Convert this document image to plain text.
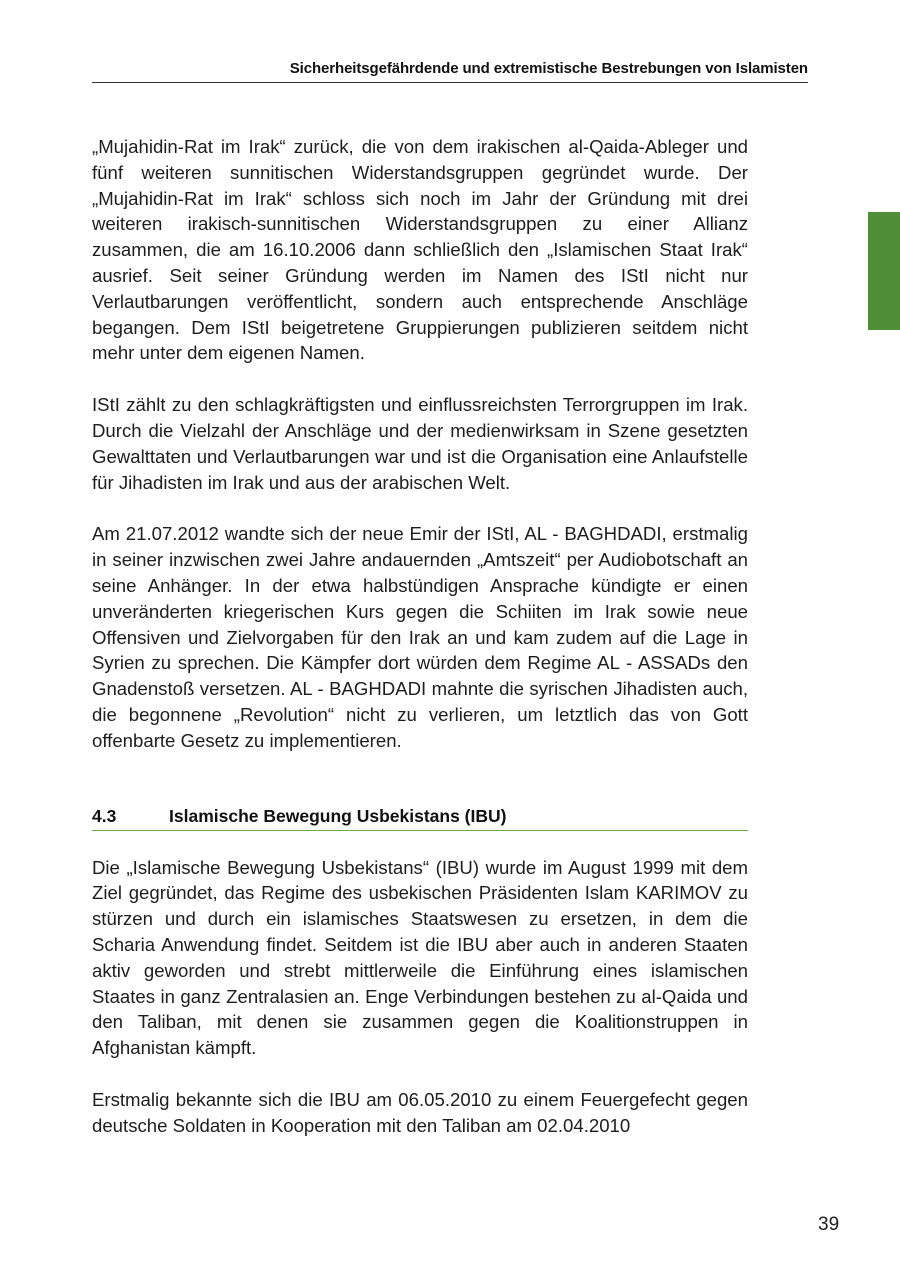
Sicherheitsgefährdende und extremistische Bestrebungen von Islamisten

„Mujahidin-Rat im Irak“ zurück, die von dem irakischen al-Qaida-Ableger und fünf weiteren sunnitischen Widerstandsgruppen gegründet wurde. Der „Mujahidin-Rat im Irak“ schloss sich noch im Jahr der Gründung mit drei weiteren irakisch-sunnitischen Widerstandsgruppen zu einer Allianz zusammen, die am 16.10.2006 dann schließlich den „Islamischen Staat Irak“ ausrief. Seit seiner Gründung werden im Namen des IStI nicht nur Verlautbarungen veröffentlicht, sondern auch entsprechende Anschläge begangen. Dem IStI beigetretene Gruppierungen publizieren seitdem nicht mehr unter dem eigenen Namen.

IStI zählt zu den schlagkräftigsten und einflussreichsten Terrorgruppen im Irak. Durch die Vielzahl der Anschläge und der medienwirksam in Szene gesetzten Gewalttaten und Verlautbarungen war und ist die Organisation eine Anlaufstelle für Jihadisten im Irak und aus der arabischen Welt.

Am 21.07.2012 wandte sich der neue Emir der IStI, AL - BAGHDADI, erstmalig in seiner inzwischen zwei Jahre andauernden „Amtszeit“ per Audiobotschaft an seine Anhänger. In der etwa halbstündigen Ansprache kündigte er einen unveränderten kriegerischen Kurs gegen die Schiiten im Irak sowie neue Offensiven und Zielvorgaben für den Irak an und kam zudem auf die Lage in Syrien zu sprechen. Die Kämpfer dort würden dem Regime AL - ASSADs den Gnadenstoß versetzen. AL - BAGHDADI mahnte die syrischen Jihadisten auch, die begonnene „Revolution“ nicht zu verlieren, um letztlich das von Gott offenbarte Gesetz zu implementieren.

4.3	Islamische Bewegung Usbekistans (IBU)

Die „Islamische Bewegung Usbekistans“ (IBU) wurde im August 1999 mit dem Ziel gegründet, das Regime des usbekischen Präsidenten Islam KARIMOV zu stürzen und durch ein islamisches Staatswesen zu ersetzen, in dem die Scharia Anwendung findet. Seitdem ist die IBU aber auch in anderen Staaten aktiv geworden und strebt mittlerweile die Einführung eines islamischen Staates in ganz Zentralasien an. Enge Verbindungen bestehen zu al-Qaida und den Taliban, mit denen sie zusammen gegen die Koalitionstruppen in Afghanistan kämpft.

Erstmalig bekannte sich die IBU am 06.05.2010 zu einem Feuergefecht gegen deutsche Soldaten in Kooperation mit den Taliban am 02.04.2010

39
